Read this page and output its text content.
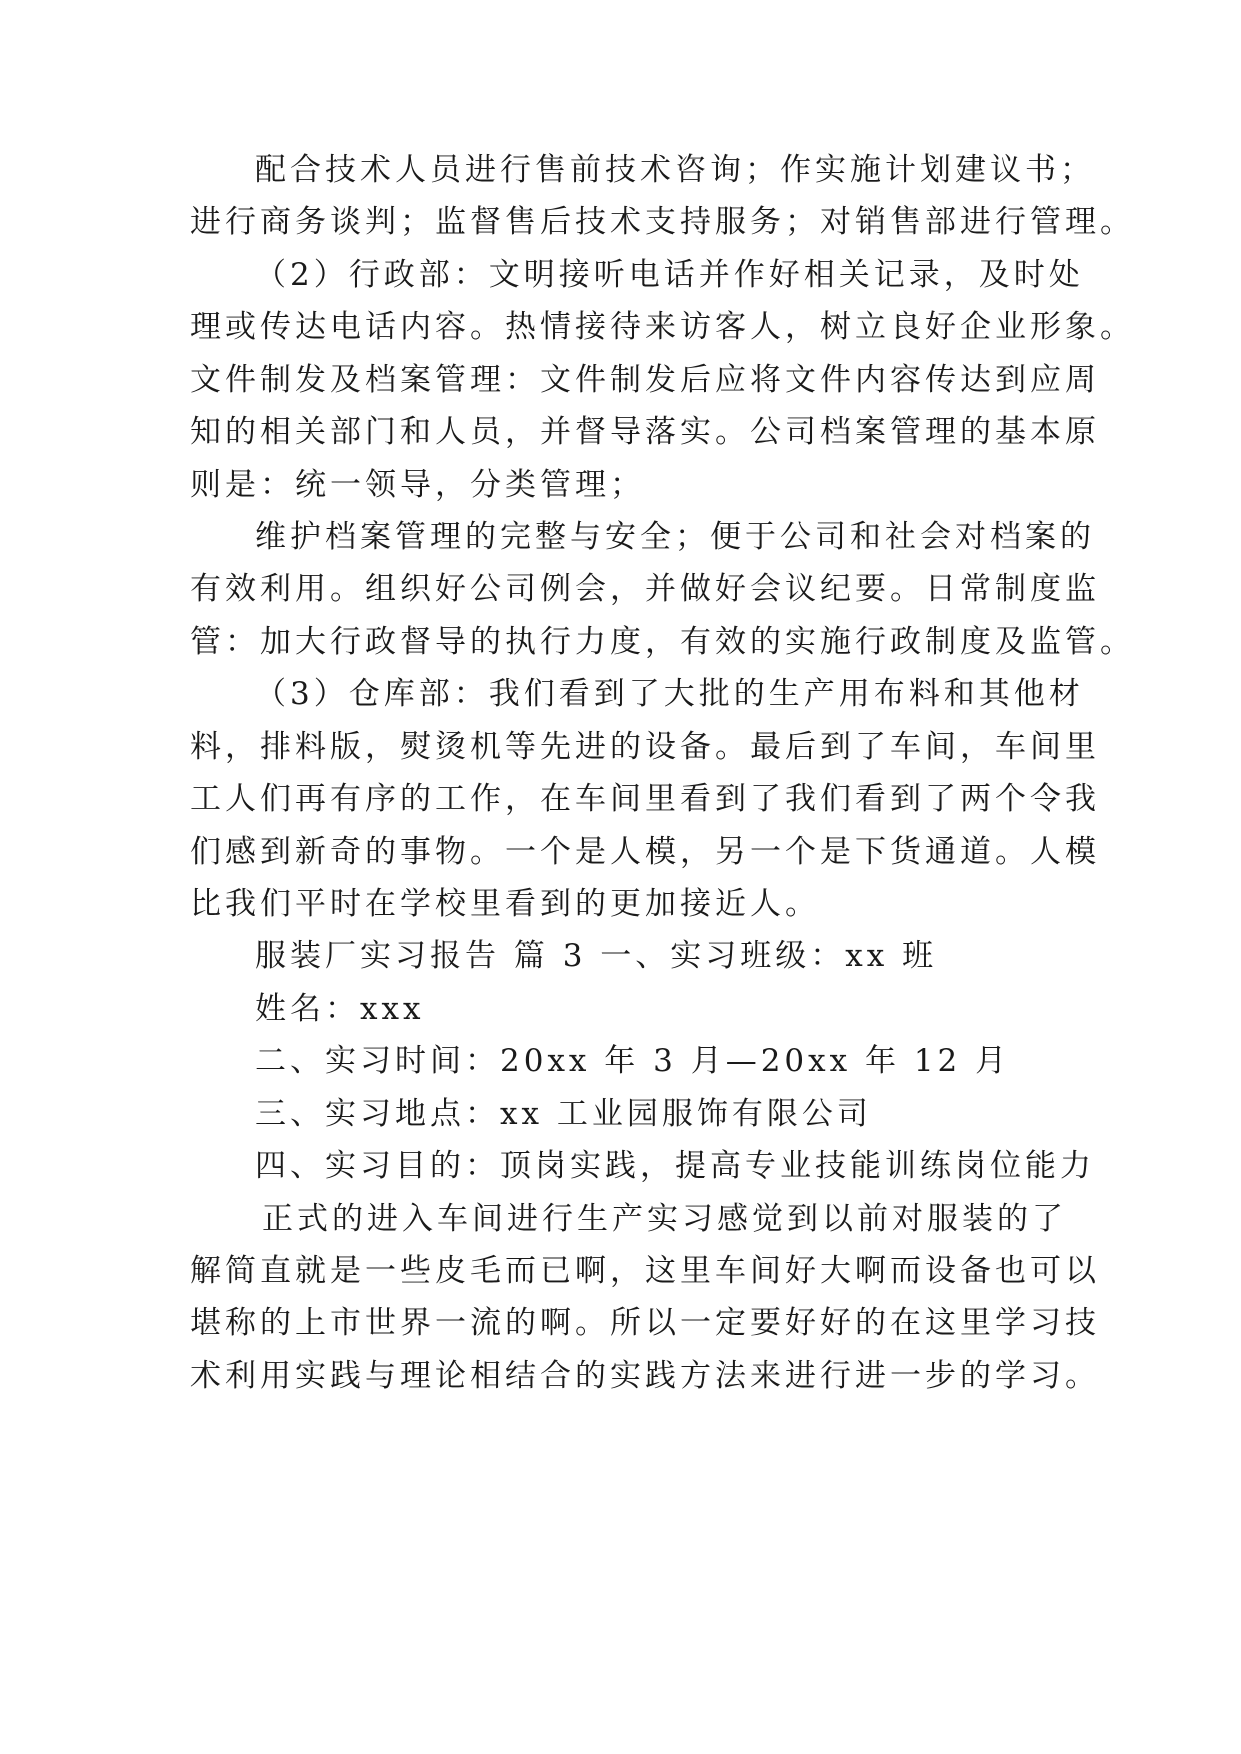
配合技术人员进行售前技术咨询；作实施计划建议书；
进行商务谈判；监督售后技术支持服务；对销售部进行管理。
（2）行政部：文明接听电话并作好相关记录，及时处
理或传达电话内容。热情接待来访客人，树立良好企业形象。
文件制发及档案管理：文件制发后应将文件内容传达到应周
知的相关部门和人员，并督导落实。公司档案管理的基本原
则是：统一领导，分类管理；
维护档案管理的完整与安全；便于公司和社会对档案的
有效利用。组织好公司例会，并做好会议纪要。日常制度监
管：加大行政督导的执行力度，有效的实施行政制度及监管。
（3）仓库部：我们看到了大批的生产用布料和其他材
料，排料版，熨烫机等先进的设备。最后到了车间，车间里
工人们再有序的工作，在车间里看到了我们看到了两个令我
们感到新奇的事物。一个是人模，另一个是下货通道。人模
比我们平时在学校里看到的更加接近人。
服装厂实习报告 篇 3 一、实习班级：xx 班
姓名：xxx
二、实习时间：20xx 年 3 月—20xx 年 12 月
三、实习地点：xx 工业园服饰有限公司
四、实习目的：顶岗实践，提高专业技能训练岗位能力
正式的进入车间进行生产实习感觉到以前对服装的了
解简直就是一些皮毛而已啊，这里车间好大啊而设备也可以
堪称的上市世界一流的啊。所以一定要好好的在这里学习技
术利用实践与理论相结合的实践方法来进行进一步的学习。
